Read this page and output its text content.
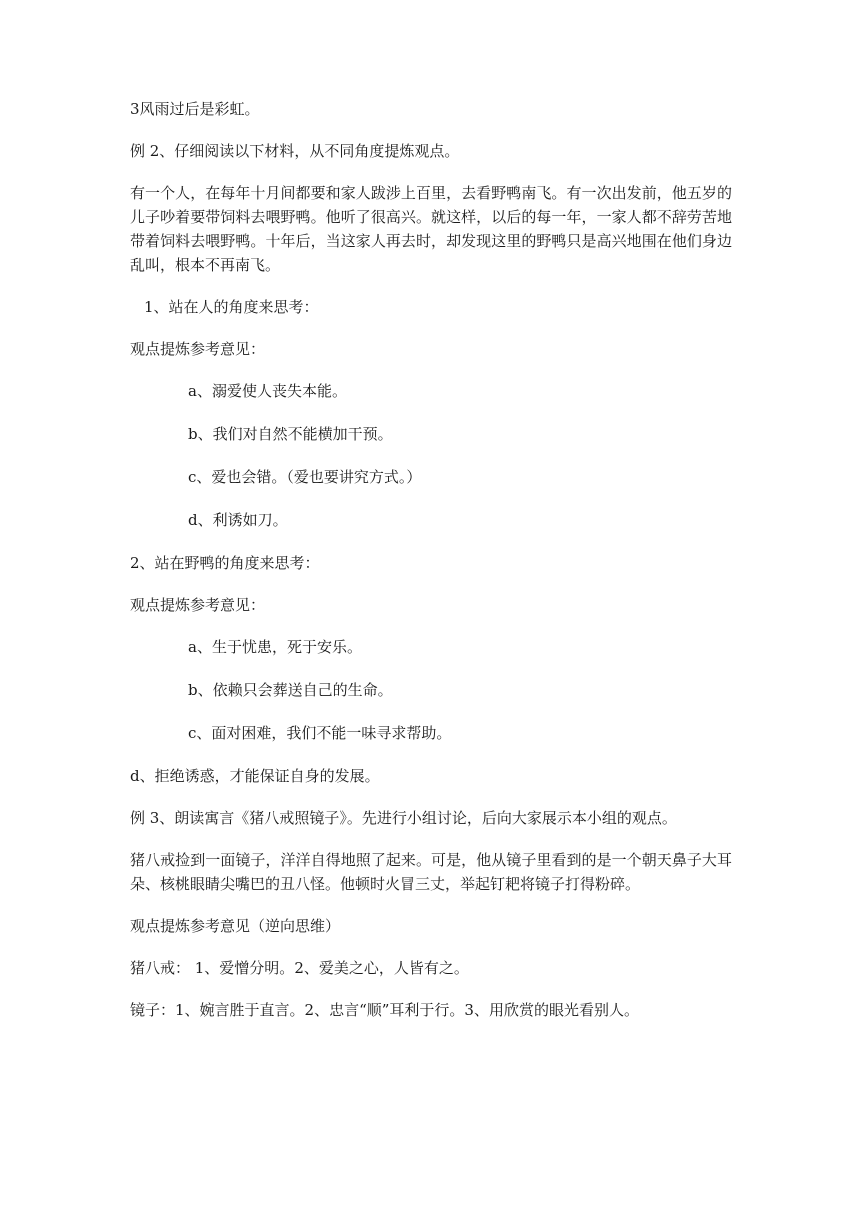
3风雨过后是彩虹。

例 2、仔细阅读以下材料，从不同角度提炼观点。

有一个人，在每年十月间都要和家人跋涉上百里，去看野鸭南飞。有一次出发前，他五岁的儿子吵着要带饲料去喂野鸭。他听了很高兴。就这样，以后的每一年，一家人都不辞劳苦地带着饲料去喂野鸭。十年后，当这家人再去时，却发现这里的野鸭只是高兴地围在他们身边乱叫，根本不再南飞。

1、站在人的角度来思考：

观点提炼参考意见：

a、溺爱使人丧失本能。

b、我们对自然不能横加干预。

c、爱也会错。（爱也要讲究方式。）

d、利诱如刀。

2、站在野鸭的角度来思考：

观点提炼参考意见：

a、生于忧患，死于安乐。

b、依赖只会葬送自己的生命。

c、面对困难，我们不能一味寻求帮助。

d、拒绝诱惑，才能保证自身的发展。

例 3、朗读寓言《猪八戒照镜子》。先进行小组讨论，后向大家展示本小组的观点。

猪八戒捡到一面镜子，洋洋自得地照了起来。可是，他从镜子里看到的是一个朝天鼻子大耳朵、核桃眼睛尖嘴巴的丑八怪。他顿时火冒三丈，举起钉耙将镜子打得粉碎。

观点提炼参考意见（逆向思维）

猪八戒： 1、爱憎分明。2、爱美之心，人皆有之。

镜子：1、婉言胜于直言。2、忠言“顺”耳利于行。3、用欣赏的眼光看别人。
